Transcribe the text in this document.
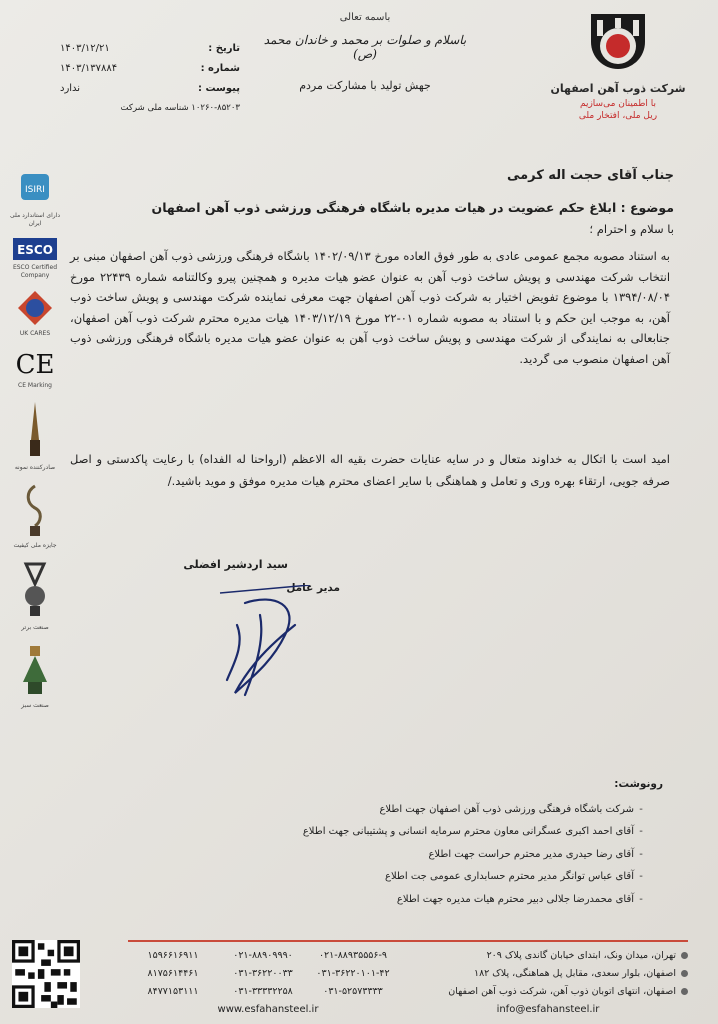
شرکت ذوب آهن اصفهان
با اطمینان می‌سازیم
ریل ملی، افتخار ملی
باسمه تعالی
باسلام و صلوات بر محمد و خاندان محمد (ص)
جهش تولید با مشارکت مردم
تاریخ :
۱۴۰۳/۱۲/۲۱
شماره :
۱۴۰۳/۱۳۷۸۸۴
پیوست :
ندارد
۱۰۲۶۰-۸۵۲۰۳ شناسه ملی شرکت
جناب آقای حجت اله کرمی
موضوع : ابلاغ حکم عضویت در هیات مدیره باشگاه فرهنگی ورزشی ذوب آهن اصفهان
با سلام و احترام ؛
به استناد مصوبه مجمع عمومی عادی به طور فوق العاده مورخ ۱۴۰۲/۰۹/۱۳ باشگاه فرهنگی ورزشی ذوب آهن اصفهان مبنی بر انتخاب شرکت مهندسی و پویش ساخت ذوب آهن به عنوان عضو هیات مدیره و همچنین پیرو وکالتنامه شماره ۲۲۴۳۹ مورخ ۱۳۹۴/۰۸/۰۴ با موضوع تفویض اختیار به شرکت ذوب آهن اصفهان جهت معرفی نماینده شرکت مهندسی و پویش ساخت ذوب آهن، به موجب این حکم و با استناد به مصوبه شماره ۰۱-۲۲ مورخ ۱۴۰۳/۱۲/۱۹ هیات مدیره محترم شرکت ذوب آهن اصفهان، جنابعالی به نمایندگی از شرکت مهندسی و پویش ساخت ذوب آهن به عنوان عضو هیات مدیره باشگاه فرهنگی ورزشی ذوب آهن اصفهان منصوب می گردید.
امید است با اتکال به خداوند متعال و در سایه عنایات حضرت بقیه اله الاعظم (ارواحنا له الفداه) با رعایت پاکدستی و اصل صرفه جویی، ارتقاء بهره وری و تعامل و هماهنگی با سایر اعضای محترم هیات مدیره موفق و موید باشید./
سید اردشیر افضلی
مدیر عامل
رونوشت:
-
شرکت باشگاه فرهنگی ورزشی ذوب آهن اصفهان جهت اطلاع
-
آقای احمد اکبری عسگرانی معاون محترم سرمایه انسانی و پشتیبانی جهت اطلاع
-
آقای رضا حیدری مدیر محترم حراست جهت اطلاع
-
آقای عباس توانگر مدیر محترم حسابداری عمومی جت اطلاع
-
آقای محمدرضا جلالی دبیر محترم هیات مدیره جهت اطلاع
ISIRI
دارای استاندارد ملی ایران
ESCO
ESCO Certified Company
UK CARES
CE
CE Marking
صادرکننده نمونه
جایزه ملی کیفیت
صنعت برتر
صنعت سبز
تهران، میدان ونک، ابتدای خیابان گاندی پلاک ۲۰۹
۰۲۱-۸۸۹۳۵۵۵۶-۹
۰۲۱-۸۸۹۰۹۹۹۰
۱۵۹۶۶۱۶۹۱۱
اصفهان، بلوار سعدی، مقابل پل هماهنگی، پلاک ۱۸۲
۰۳۱-۳۶۲۲۰۱۰۱-۴۲
۰۳۱-۳۶۲۲۰۰۳۳
۸۱۷۵۶۱۴۴۶۱
اصفهان، انتهای اتوبان ذوب آهن، شرکت ذوب آهن اصفهان
۰۳۱-۵۲۵۷۳۳۳۳
۰۳۱-۳۳۳۳۲۲۵۸
۸۴۷۷۱۵۳۱۱۱
www.esfahansteel.ir	info@esfahansteel.ir
